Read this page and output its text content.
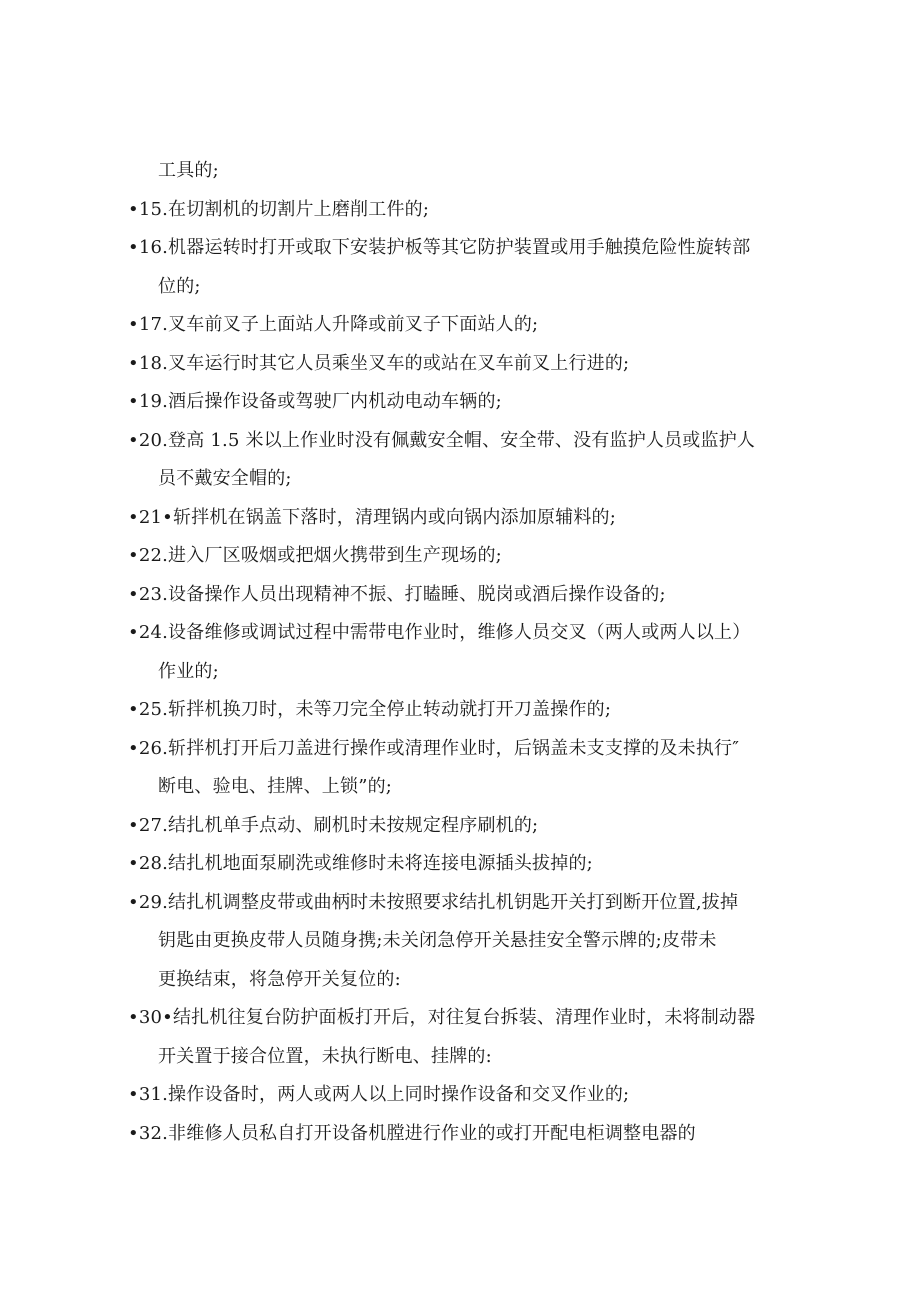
工具的;
•15.在切割机的切割片上磨削工件的;
•16.机器运转时打开或取下安装护板等其它防护装置或用手触摸危险性旋转部
位的;
•17.叉车前叉子上面站人升降或前叉子下面站人的;
•18.叉车运行时其它人员乘坐叉车的或站在叉车前叉上行进的;
•19.酒后操作设备或驾驶厂内机动电动车辆的;
•20.登高 1.5 米以上作业时没有佩戴安全帽、安全带、没有监护人员或监护人
员不戴安全帽的;
•21•斩拌机在锅盖下落时，清理锅内或向锅内添加原辅料的;
•22.进入厂区吸烟或把烟火携带到生产现场的;
•23.设备操作人员出现精神不振、打瞌睡、脱岗或酒后操作设备的;
•24.设备维修或调试过程中需带电作业时，维修人员交叉（两人或两人以上）
作业的;
•25.斩拌机换刀时，未等刀完全停止转动就打开刀盖操作的;
•26.斩拌机打开后刀盖进行操作或清理作业时，后锅盖未支支撑的及未执行″
断电、验电、挂牌、上锁”的;
•27.结扎机单手点动、刷机时未按规定程序刷机的;
•28.结扎机地面泵刷洗或维修时未将连接电源插头拔掉的;
•29.结扎机调整皮带或曲柄时未按照要求结扎机钥匙开关打到断开位置,拔掉
钥匙由更换皮带人员随身携;未关闭急停开关悬挂安全警示牌的;皮带未
更换结束，将急停开关复位的:
•30•结扎机往复台防护面板打开后，对往复台拆装、清理作业时，未将制动器
开关置于接合位置，未执行断电、挂牌的:
•31.操作设备时，两人或两人以上同时操作设备和交叉作业的;
•32.非维修人员私自打开设备机膛进行作业的或打开配电柜调整电器的
